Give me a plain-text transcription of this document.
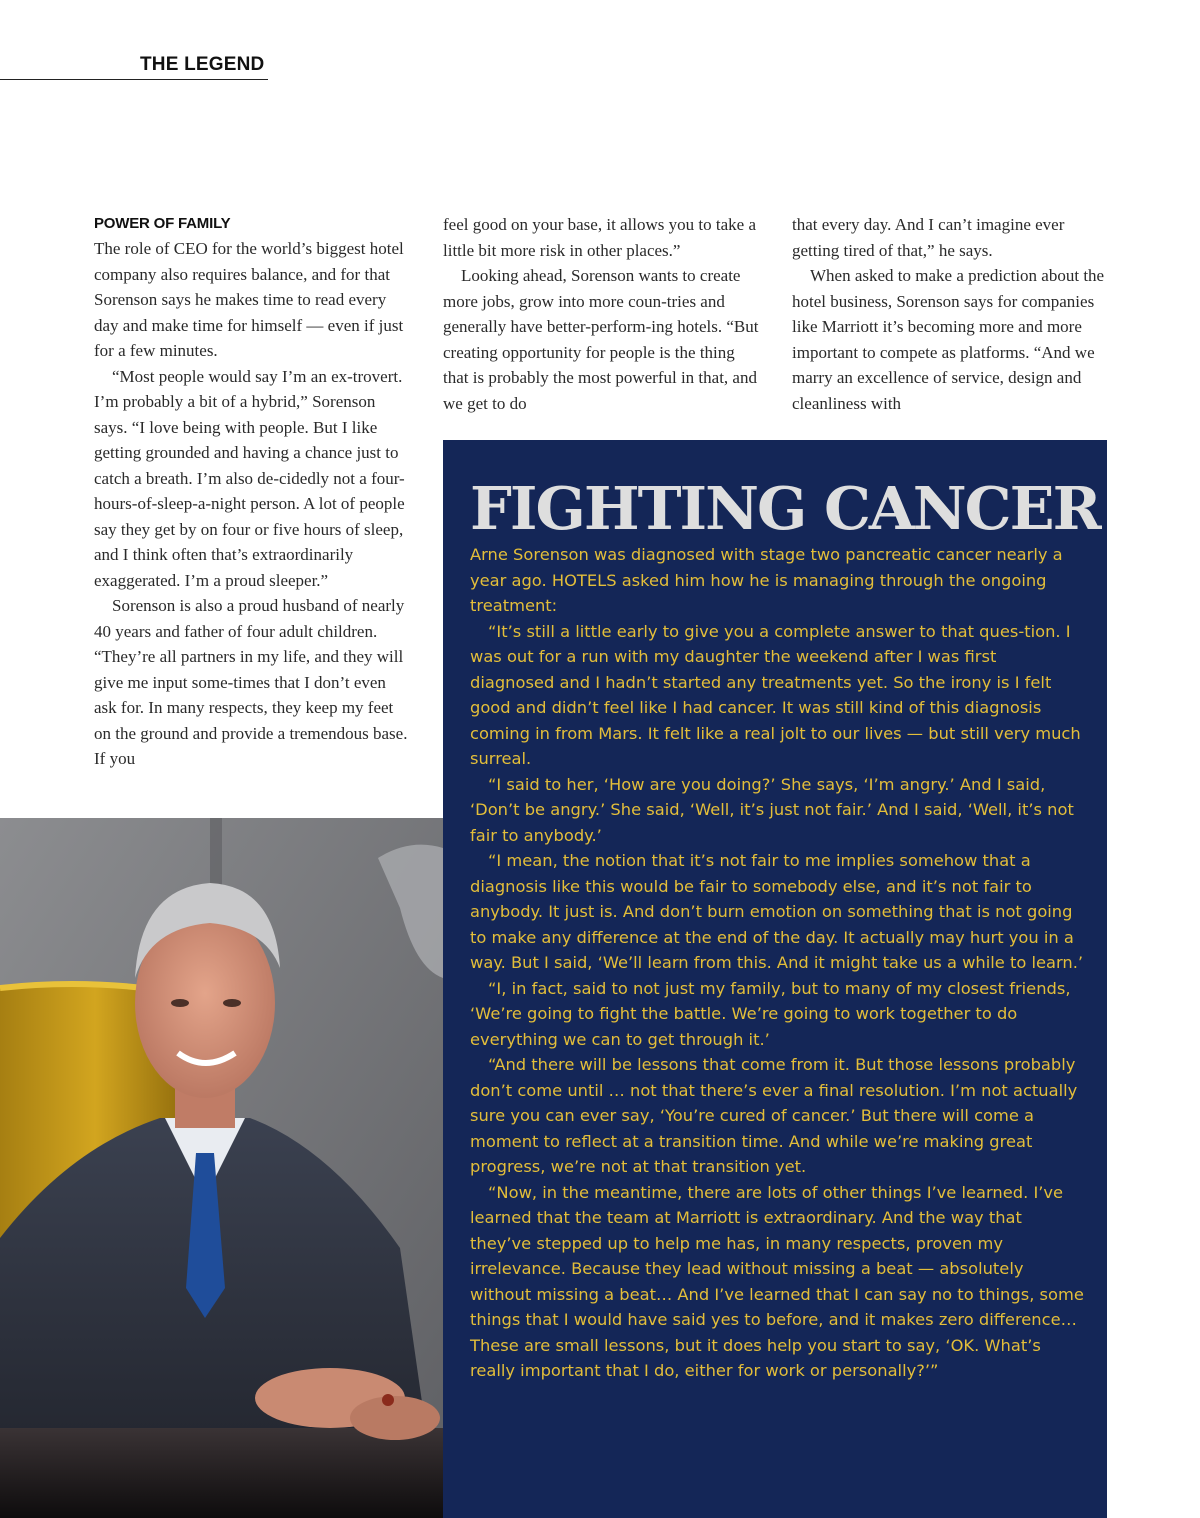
THE LEGEND
POWER OF FAMILY

The role of CEO for the world’s biggest hotel company also requires balance, and for that Sorenson says he makes time to read every day and make time for himself — even if just for a few minutes.

“Most people would say I’m an ex-trovert. I’m probably a bit of a hybrid,” Sorenson says. “I love being with people. But I like getting grounded and having a chance just to catch a breath. I’m also de-cidedly not a four-hours-of-sleep-a-night person. A lot of people say they get by on four or five hours of sleep, and I think often that’s extraordinarily exaggerated. I’m a proud sleeper.”

Sorenson is also a proud husband of nearly 40 years and father of four adult children. “They’re all partners in my life, and they will give me input some-times that I don’t even ask for. In many respects, they keep my feet on the ground and provide a tremendous base. If you

feel good on your base, it allows you to take a little bit more risk in other places.”

Looking ahead, Sorenson wants to create more jobs, grow into more coun-tries and generally have better-perform-ing hotels. “But creating opportunity for people is the thing that is probably the most powerful in that, and we get to do

that every day. And I can’t imagine ever getting tired of that,” he says.

When asked to make a prediction about the hotel business, Sorenson says for companies like Marriott it’s becoming more and more important to compete as platforms. “And we marry an excellence of service, design and cleanliness with

FIGHTING CANCER

Arne Sorenson was diagnosed with stage two pancreatic cancer nearly a year ago. HOTELS asked him how he is managing through the ongoing treatment:

“It’s still a little early to give you a complete answer to that ques-tion. I was out for a run with my daughter the weekend after I was first diagnosed and I hadn’t started any treatments yet. So the irony is I felt good and didn’t feel like I had cancer. It was still kind of this diagnosis coming in from Mars. It felt like a real jolt to our lives — but still very much surreal.

“I said to her, ‘How are you doing?’ She says, ‘I’m angry.’ And I said, ‘Don’t be angry.’ She said, ‘Well, it’s just not fair.’ And I said, ‘Well, it’s not fair to anybody.’

“I mean, the notion that it’s not fair to me implies somehow that a diagnosis like this would be fair to somebody else, and it’s not fair to anybody. It just is. And don’t burn emotion on something that is not going to make any difference at the end of the day. It actually may hurt you in a way. But I said, ‘We’ll learn from this. And it might take us a while to learn.’

“I, in fact, said to not just my family, but to many of my closest friends, ‘We’re going to fight the battle. We’re going to work together to do everything we can to get through it.’

“And there will be lessons that come from it. But those lessons probably don’t come until … not that there’s ever a final resolution. I’m not actually sure you can ever say, ‘You’re cured of cancer.’ But there will come a moment to reflect at a transition time. And while we’re making great progress, we’re not at that transition yet.

“Now, in the meantime, there are lots of other things I’ve learned. I’ve learned that the team at Marriott is extraordinary. And the way that they’ve stepped up to help me has, in many respects, proven my irrelevance. Because they lead without missing a beat — absolutely without missing a beat… And I’ve learned that I can say no to things, some things that I would have said yes to before, and it makes zero difference… These are small lessons, but it does help you start to say, ‘OK. What’s really important that I do, either for work or personally?’”
